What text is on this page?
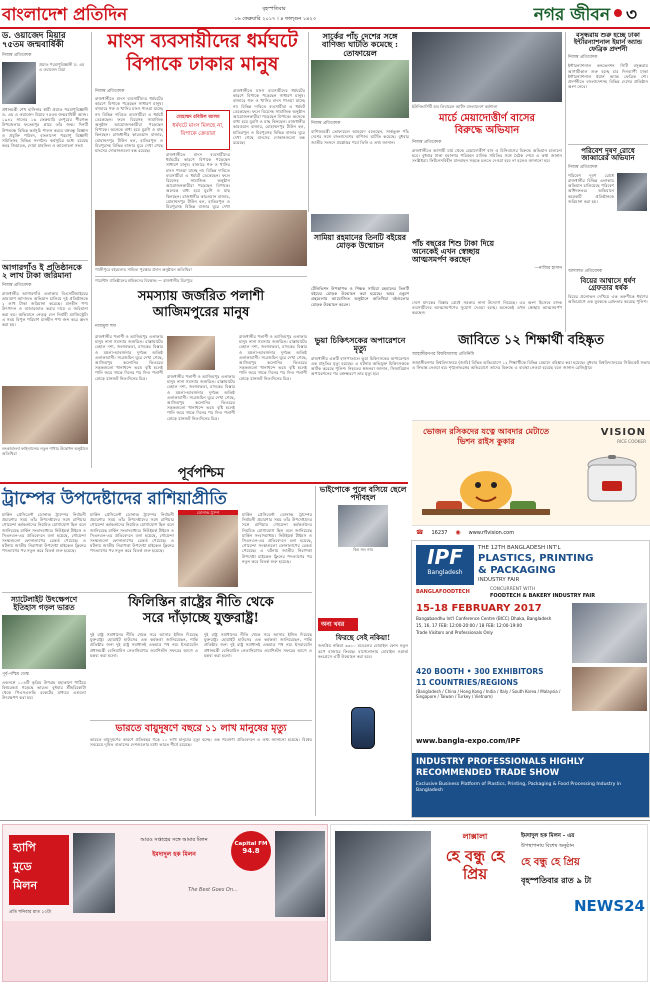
বাংলাদেশ প্রতিদিন	বৃহস্পতিবার
১৬ ফেব্রুয়ারি ২০১৭ । ৪ ফাল্গুন ১৪২৩	নগর জীবন ৩
ড. ওয়াজেদ মিয়ার ৭৫তম জন্মবার্ষিকী
নিজস্ব প্রতিবেদক
প্রয়াত পরমাণুবিজ্ঞানী ড. এম এ ওয়াজেদ মিয়া
প্রধানমন্ত্রী শেখ হাসিনার স্বামী প্রয়াত পরমাণুবিজ্ঞানী ড. এম এ ওয়াজেদ মিয়ার ৭৫তম জন্মবার্ষিকী আজ। ১৯৪২ সালের ১৬ ফেব্রুয়ারি রংপুরের পীরগঞ্জ উপজেলার ফতেহপুর গ্রামে তাঁর জন্ম। দিনটি উপলক্ষে বিভিন্ন কর্মসূচি পালন করবে বঙ্গবন্ধু বিজ্ঞান ও প্রযুক্তি পরিষদ, বাংলাদেশ পরমাণু বিজ্ঞানী সমিতিসহ বিভিন্ন সংগঠন। কর্মসূচির মধ্যে রয়েছে কবর জিয়ারত, দোয়া মাহফিল ও আলোচনা সভা।
আগারগাঁও ই প্রতিষ্ঠানকে ২ লাখ টাকা জরিমানা
নিজস্ব প্রতিবেদক
রাজধানীর আগারগাঁও এলাকায় বিএসটিআইয়ের ভ্রাম্যমাণ আদালত অভিযান চালিয়ে দুই প্রতিষ্ঠানকে ২ লাখ টাকা জরিমানা করেছে। মানহীন পণ্য উৎপাদন ও বাজারজাত করার দায়ে এ জরিমানা করা হয়। অভিযানে নেতৃত্ব দেন নির্বাহী ম্যাজিস্ট্রেট। এ সময় বিপুল পরিমাণ মানহীন পণ্য জব্দ করে ধ্বংস করা হয়।
লংকাবাংলা ফাইন্যান্সের নতুন শাখার উদ্বোধন অনুষ্ঠানে অতিথিরা
মাংস ব্যবসায়ীদের ধর্মঘটে
বিপাকে ঢাকার মানুষ
নিজস্ব প্রতিবেদক
রাজধানীতে মাংস ব্যবসায়ীদের ধর্মঘটের কারণে বিপাকে পড়েছেন সাধারণ মানুষ। বাজারে গরু ও খাসির মাংস পাওয়া যাচ্ছে না। বিভিন্ন দাবিতে ব্যবসায়ীরা এ ধর্মঘট ডেকেছেন। ফলে বিয়েসহ সামাজিক অনুষ্ঠান আয়োজনকারীরা পড়েছেন বিপাকে। অনেকে বাধ্য হয়ে মুরগি ও মাছ কিনছেন। রাজধানীর কারওয়ান বাজার, মোহাম্মদপুর টাউন হল, হাতিরপুল ও মিরপুরসহ বিভিন্ন বাজার ঘুরে দেখা গেছে মাংসের দোকানগুলো বন্ধ রয়েছে।
মোহাম্মদ রবিউল আলম
ধর্মঘটে মাংস মিলছে না, বিপাকে ক্রেতারা
রাজধানীতে মাংস ব্যবসায়ীদের ধর্মঘটের কারণে বিপাকে পড়েছেন সাধারণ মানুষ। বাজারে গরু ও খাসির মাংস পাওয়া যাচ্ছে না। বিভিন্ন দাবিতে ব্যবসায়ীরা এ ধর্মঘট ডেকেছেন। ফলে বিয়েসহ সামাজিক অনুষ্ঠান আয়োজনকারীরা পড়েছেন বিপাকে। অনেকে বাধ্য হয়ে মুরগি ও মাছ কিনছেন। রাজধানীর কারওয়ান বাজার, মোহাম্মদপুর টাউন হল, হাতিরপুল ও মিরপুরসহ বিভিন্ন বাজার ঘুরে দেখা
রাজধানীতে মাংস ব্যবসায়ীদের ধর্মঘটের কারণে বিপাকে পড়েছেন সাধারণ মানুষ। বাজারে গরু ও খাসির মাংস পাওয়া যাচ্ছে না। বিভিন্ন দাবিতে ব্যবসায়ীরা এ ধর্মঘট ডেকেছেন। ফলে বিয়েসহ সামাজিক অনুষ্ঠান আয়োজনকারীরা পড়েছেন বিপাকে। অনেকে বাধ্য হয়ে মুরগি ও মাছ কিনছেন। রাজধানীর কারওয়ান বাজার, মোহাম্মদপুর টাউন হল, হাতিরপুল ও মিরপুরসহ বিভিন্ন বাজার ঘুরে দেখা গেছে মাংসের দোকানগুলো বন্ধ রয়েছে।
সার্কের পাঁচ দেশের সঙ্গে বাণিজ্য ঘাটতি কমেছে : তোফায়েল
নিজস্ব প্রতিবেদক
বাণিজ্যমন্ত্রী তোফায়েল আহমেদ বলেছেন, সার্কভুক্ত পাঁচ দেশের সঙ্গে বাংলাদেশের বাণিজ্য ঘাটতি কমেছে। বুধবার জাতীয় সংসদে প্রশ্নোত্তর পর্বে তিনি এ তথ্য জানান।
গাজীপুরে বইমেলায় সাহিত্য পুরস্কার প্রদান অনুষ্ঠানে অতিথিরা
সামিয়া রহমানের তিনটি বইয়ের মোড়ক উন্মোচন
গার্মেন্টস প্রতিষ্ঠানের শ্রমিকদের বিক্ষোভ — রাজধানীর মিরপুরে
সমস্যায় জর্জরিত পলাশী
আজিমপুরের মানুষ
নাজমুল হুদা
রাজধানীর পলাশী ও আজিমপুর এলাকার মানুষ নানা সমস্যায় জর্জরিত। রাস্তাঘাটের বেহাল দশা, জলাবদ্ধতা, মাদকের বিস্তার ও ময়লা-আবর্জনার দুর্গন্ধে অতিষ্ঠ এলাকাবাসী। সরেজমিন ঘুরে দেখা গেছে, আজিমপুর কলোনির ভিতরের সড়কগুলো খানাখন্দে ভরা। বৃষ্টি হলেই পানি জমে থাকে দিনের পর দিন। পলাশী মোড়ে যানজট নিত্যদিনের চিত্র।	রাজধানীর পলাশী ও আজিমপুর এলাকার মানুষ নানা সমস্যায় জর্জরিত। রাস্তাঘাটের বেহাল দশা, জলাবদ্ধতা, মাদকের বিস্তার ও ময়লা-আবর্জনার দুর্গন্ধে অতিষ্ঠ এলাকাবাসী। সরেজমিন ঘুরে দেখা গেছে, আজিমপুর কলোনির ভিতরের সড়কগুলো খানাখন্দে ভরা। বৃষ্টি হলেই পানি জমে থাকে দিনের পর দিন। পলাশী মোড়ে যানজট নিত্যদিনের চিত্র।
রাজধানীর পলাশী ও আজিমপুর এলাকার মানুষ নানা সমস্যায় জর্জরিত। রাস্তাঘাটের বেহাল দশা, জলাবদ্ধতা, মাদকের বিস্তার ও ময়লা-আবর্জনার দুর্গন্ধে অতিষ্ঠ এলাকাবাসী। সরেজমিন ঘুরে দেখা গেছে, আজিমপুর কলোনির ভিতরের সড়কগুলো খানাখন্দে ভরা। বৃষ্টি হলেই পানি জমে থাকে দিনের পর দিন। পলাশী মোড়ে যানজট নিত্যদিনের চিত্র।
টেলিভিশন উপস্থাপক ও শিক্ষক সামিয়া রহমানের তিনটি বইয়ের মোড়ক উন্মোচন করা হয়েছে। অমর একুশে গ্রন্থমেলায় আয়োজিত অনুষ্ঠানে অতিথিরা বইগুলোর মোড়ক উন্মোচন করেন।
ভুয়া চিকিৎসকের অপারেশনে মৃত্যু
রাজধানীর একটি হাসপাতালে ভুয়া চিকিৎসকের অপারেশনে এক প্রসূতির মৃত্যু হয়েছে। এ ঘটনায় অভিযুক্ত চিকিৎসককে আটক করেছে পুলিশ। নিহতের স্বজনরা জানান, সিজারিয়ান অপারেশনের পর রক্তক্ষরণে তার মৃত্যু হয়।
ইউনিভার্সিটি অব লিবারেল আর্টস বাংলাদেশে কর্মশালা
মার্চে মেয়াদোত্তীর্ণ বাসের
বিরুদ্ধে অভিযান
নিজস্ব প্রতিবেদক
রাজধানীতে আগামী মার্চ থেকে মেয়াদোত্তীর্ণ বাস ও মিনিবাসের বিরুদ্ধে অভিযান চালানো হবে। বুধবার ঢাকা মহানগর পরিবহন মালিক সমিতির সঙ্গে বৈঠক শেষে এ কথা জানান সংশ্লিষ্টরা। ফিটনেসবিহীন যানবাহন সড়কে চলতে দেওয়া হবে না বলেও জানানো হয়।
পাঁচ বছরের শিশু টাকা দিয়ে
অনেকেই এখন স্বেচ্ছায়
আত্মসমর্পণ করছেন
—নাজির হাসান
দেশে মাদকের বিস্তার রোধে সরকার নানা উদ্যোগ নিয়েছে। এর অংশ হিসেবে মাদক ব্যবসায়ীদের আত্মসমর্পণের সুযোগ দেওয়া হচ্ছে। অনেকেই এখন স্বেচ্ছায় আত্মসমর্পণ করছেন।
জাবিতে ১২ শিক্ষার্থী বহিষ্কৃত
জাহাঙ্গীরনগর বিশ্ববিদ্যালয় প্রতিনিধি
জাহাঙ্গীরনগর বিশ্ববিদ্যালয়ে (জাবি) বিভিন্ন অভিযোগে ১২ শিক্ষার্থীকে বিভিন্ন মেয়াদে বহিষ্কার করা হয়েছে। বুধবার বিশ্ববিদ্যালয়ের সিন্ডিকেট সভায় এ সিদ্ধান্ত নেওয়া হয়। শৃঙ্খলাভঙ্গের অভিযোগে তাদের বিরুদ্ধে এ ব্যবস্থা নেওয়া হয়েছে বলে জানান রেজিস্ট্রার।
বসুন্ধরায় শুরু হচ্ছে ঢাকা ইন্টারন্যাশনাল ইয়ার্ন অ্যান্ড ফেব্রিক প্রদর্শনী
নিজস্ব প্রতিবেদক
ইন্টারন্যাশনাল কনভেনশন সিটি বসুন্ধরায় আগামীকাল শুরু হচ্ছে চার দিনব্যাপী ঢাকা ইন্টারন্যাশনাল ইয়ার্ন অ্যান্ড ফেব্রিক শো। প্রদর্শনীতে বাংলাদেশসহ বিভিন্ন দেশের প্রতিষ্ঠান অংশ নেবে।
পরিবেশ দূষণ রোধে জাব্বারের অভিযান
নিজস্ব প্রতিবেদক
পরিবেশ দূষণ রোধে রাজধানীর বিভিন্ন এলাকায় অভিযান চালিয়েছে পরিবেশ অধিদফতর। অভিযানে কয়েকটি প্রতিষ্ঠানকে জরিমানা করা হয়।
আদালত প্রতিবেদক
বিয়ের আশ্বাসে ধর্ষণ গ্রেফতার ধর্ষক
বিয়ের প্রলোভন দেখিয়ে এক তরুণীকে ধর্ষণের অভিযোগে এক যুবককে গ্রেফতার করেছে পুলিশ।
ভোজন রসিকদের যত্নে আবদার মেটাতে ভিশন রাইস কুকার
VISION
RICE COOKER
☎ 16237 ◉ www.rflvision.com
পূর্বপশ্চিম
ট্রাম্পের উপদেষ্টাদের রাশিয়াপ্রীতি
মার্কিন প্রেসিডেন্ট ডোনাল্ড ট্রাম্পের নির্বাচনী প্রচারণার সময় তাঁর উপদেষ্টাদের সঙ্গে রাশিয়ার গোয়েন্দা কর্মকর্তাদের নিয়মিত যোগাযোগ ছিল বলে জানিয়েছে মার্কিন সংবাদমাধ্যম। নিউইয়র্ক টাইমস ও সিএনএন-এর প্রতিবেদনে বলা হয়েছে, গোয়েন্দা সংস্থাগুলো ফোনালাপের রেকর্ড পেয়েছে। এ ঘটনায় জাতীয় নিরাপত্তা উপদেষ্টা মাইকেল ফ্লিনের পদত্যাগের পর নতুন করে বিতর্ক শুরু হয়েছে।
মার্কিন প্রেসিডেন্ট ডোনাল্ড ট্রাম্পের নির্বাচনী প্রচারণার সময় তাঁর উপদেষ্টাদের সঙ্গে রাশিয়ার গোয়েন্দা কর্মকর্তাদের নিয়মিত যোগাযোগ ছিল বলে জানিয়েছে মার্কিন সংবাদমাধ্যম। নিউইয়র্ক টাইমস ও সিএনএন-এর প্রতিবেদনে বলা হয়েছে, গোয়েন্দা সংস্থাগুলো ফোনালাপের রেকর্ড পেয়েছে। এ ঘটনায় জাতীয় নিরাপত্তা উপদেষ্টা মাইকেল ফ্লিনের পদত্যাগের পর নতুন করে বিতর্ক শুরু হয়েছে।
ডোনাল্ড ট্রাম্প	মার্কিন প্রেসিডেন্ট ডোনাল্ড ট্রাম্পের নির্বাচনী প্রচারণার সময় তাঁর উপদেষ্টাদের সঙ্গে রাশিয়ার গোয়েন্দা কর্মকর্তাদের নিয়মিত যোগাযোগ ছিল বলে জানিয়েছে মার্কিন সংবাদমাধ্যম। নিউইয়র্ক টাইমস ও সিএনএন-এর প্রতিবেদনে বলা হয়েছে, গোয়েন্দা সংস্থাগুলো ফোনালাপের রেকর্ড পেয়েছে। এ ঘটনায় জাতীয় নিরাপত্তা উপদেষ্টা মাইকেল ফ্লিনের পদত্যাগের পর নতুন করে বিতর্ক শুরু হয়েছে।
ভাইপোকে পুলে বসিয়ে ছেলে পর্দাবহল
কিম জং নাম
স্যাটেলাইট উৎক্ষেপণে ইতিহাস গড়ল ভারত
পূর্ব-পশ্চিম ডেস্ক
একসঙ্গে ১০৪টি কৃত্রিম উপগ্রহ মহাকাশে পাঠিয়ে বিশ্বরেকর্ড গড়েছে ভারত। বুধবার শ্রীহরিকোটা থেকে পিএসএলভি রকেটের মাধ্যমে এগুলো উৎক্ষেপণ করা হয়।
ফিলিস্তিন রাষ্ট্রের নীতি থেকে
সরে দাঁড়াচ্ছে যুক্তরাষ্ট্র!
দুই রাষ্ট্র সমাধানের নীতি থেকে সরে আসার ইঙ্গিত দিয়েছে যুক্তরাষ্ট্র। হোয়াইট হাউসের এক কর্মকর্তা জানিয়েছেন, শান্তি প্রতিষ্ঠার জন্য দুই রাষ্ট্র সমাধানই একমাত্র পথ নয়। ইসরায়েলি প্রধানমন্ত্রী বেনিয়ামিন নেতানিয়াহুর ওয়াশিংটন সফরের আগে এ মন্তব্য করা হলো।
দুই রাষ্ট্র সমাধানের নীতি থেকে সরে আসার ইঙ্গিত দিয়েছে যুক্তরাষ্ট্র। হোয়াইট হাউসের এক কর্মকর্তা জানিয়েছেন, শান্তি প্রতিষ্ঠার জন্য দুই রাষ্ট্র সমাধানই একমাত্র পথ নয়। ইসরায়েলি প্রধানমন্ত্রী বেনিয়ামিন নেতানিয়াহুর ওয়াশিংটন সফরের আগে এ মন্তব্য করা হলো।
ভারতে বায়ুদূষণে বছরে ১১ লাখ মানুষের মৃত্যু
ভারতে বায়ুদূষণের কারণে প্রতিবছর গড়ে ১১ লাখ মানুষের মৃত্যু হচ্ছে। এক গবেষণা প্রতিবেদনে এ তথ্য জানানো হয়েছে। বিশ্বের সবচেয়ে দূষিত বাতাসের দেশগুলোর মধ্যে ভারত শীর্ষে রয়েছে।
অন্য খবর
ফিরছে সেই নকিয়া!
জনপ্রিয় নকিয়া ৩৩১০ মডেলের মোবাইল ফোন নতুন রূপে বাজারে ফিরছে। বার্সেলোনায় মোবাইল ওয়ার্ল্ড কংগ্রেসে এটি উন্মোচন করা হবে।
IPF
Bangladesh
THE 12TH BANGLADESH INT'L
PLASTICS, PRINTING
& PACKAGING
INDUSTRY FAIR
BANGLAFOODTECH	CONCURRENT WITH
FOODTECH & BAKERY INDUSTRY FAIR
15-18 FEBRUARY 2017
Bangabandhu Int'l Conference Centre (BICC) Dhaka, Bangladesh
15, 16, 17 FEB: 12:00-20:00 / 18 FEB: 12:00-19:00
Trade Visitors and Professionals Only
420 BOOTH • 300 EXHIBITORS
11 COUNTRIES/REGIONS
(Bangladesh / China / Hong Kong / India / Italy / South Korea / Malaysia / Singapore / Taiwan / Turkey / Vietnam)
www.bangla-expo.com/IPF
INDUSTRY PROFESSIONALS HIGHLY
RECOMMENDED TRADE SHOW
Exclusive Business Platform of Plastics, Printing, Packaging & Food Processing Industry in Bangladesh
হ্যাপি
মুডে
মিলন
প্রতি শনিবার রাত ১০টা
আরও সপ্তাহের সঙ্গে আমার মিলন
ইমদাদুল হক মিলন
Capital FM
94.8
The Best Goes On...
লাক্সালা
হে বন্ধু হে প্রিয়
ইমদাদুল হক মিলন - এর
উপস্থাপনায় বিশেষ অনুষ্ঠান
হে বন্ধু হে প্রিয়
বৃহস্পতিবার রাত ৯ টা
NEWS24
